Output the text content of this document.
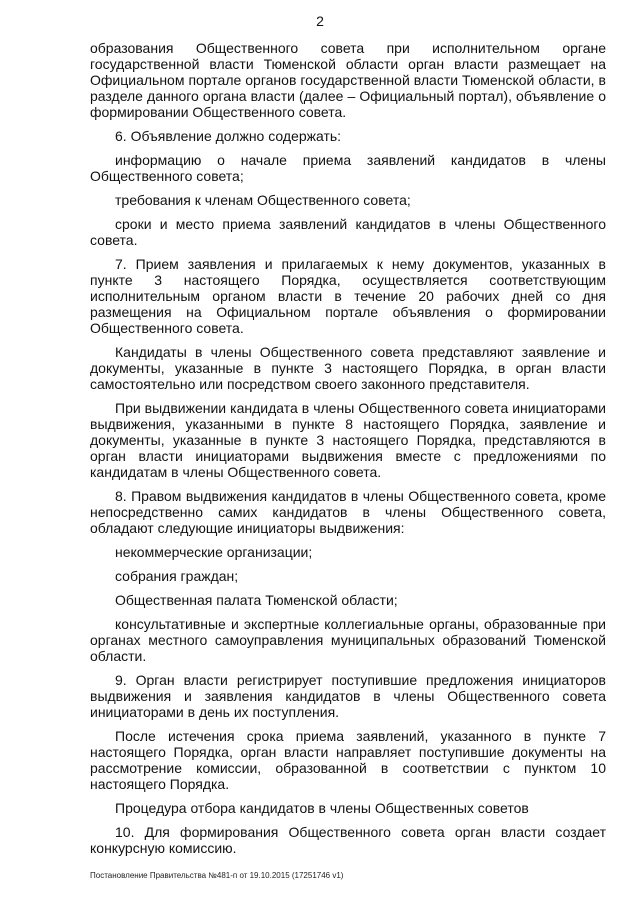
2

образования Общественного совета при исполнительном органе государственной власти Тюменской области орган власти размещает на Официальном портале органов государственной власти Тюменской области, в разделе данного органа власти (далее – Официальный портал), объявление о формировании Общественного совета.

6. Объявление должно содержать:

информацию о начале приема заявлений кандидатов в члены Общественного совета;

требования к членам Общественного совета;

сроки и место приема заявлений кандидатов в члены Общественного совета.

7. Прием заявления и прилагаемых к нему документов, указанных в пункте 3 настоящего Порядка, осуществляется соответствующим исполнительным органом власти в течение 20 рабочих дней со дня размещения на Официальном портале объявления о формировании Общественного совета.

Кандидаты в члены Общественного совета представляют заявление и документы, указанные в пункте 3 настоящего Порядка, в орган власти самостоятельно или посредством своего законного представителя.

При выдвижении кандидата в члены Общественного совета инициаторами выдвижения, указанными в пункте 8 настоящего Порядка, заявление и документы, указанные в пункте 3 настоящего Порядка, представляются в орган власти инициаторами выдвижения вместе с предложениями по кандидатам в члены Общественного совета.

8. Правом выдвижения кандидатов в члены Общественного совета, кроме непосредственно самих кандидатов в члены Общественного совета, обладают следующие инициаторы выдвижения:

некоммерческие организации;

собрания граждан;

Общественная палата Тюменской области;

консультативные и экспертные коллегиальные органы, образованные при органах местного самоуправления муниципальных образований Тюменской области.

9. Орган власти регистрирует поступившие предложения инициаторов выдвижения и заявления кандидатов в члены Общественного совета инициаторами в день их поступления.

После истечения срока приема заявлений, указанного в пункте 7 настоящего Порядка, орган власти направляет поступившие документы на рассмотрение комиссии, образованной в соответствии с пунктом 10 настоящего Порядка.

Процедура отбора кандидатов в члены Общественных советов

10. Для формирования Общественного совета орган власти создает конкурсную комиссию.

Постановление Правительства №481-п от 19.10.2015 (17251746 v1)
